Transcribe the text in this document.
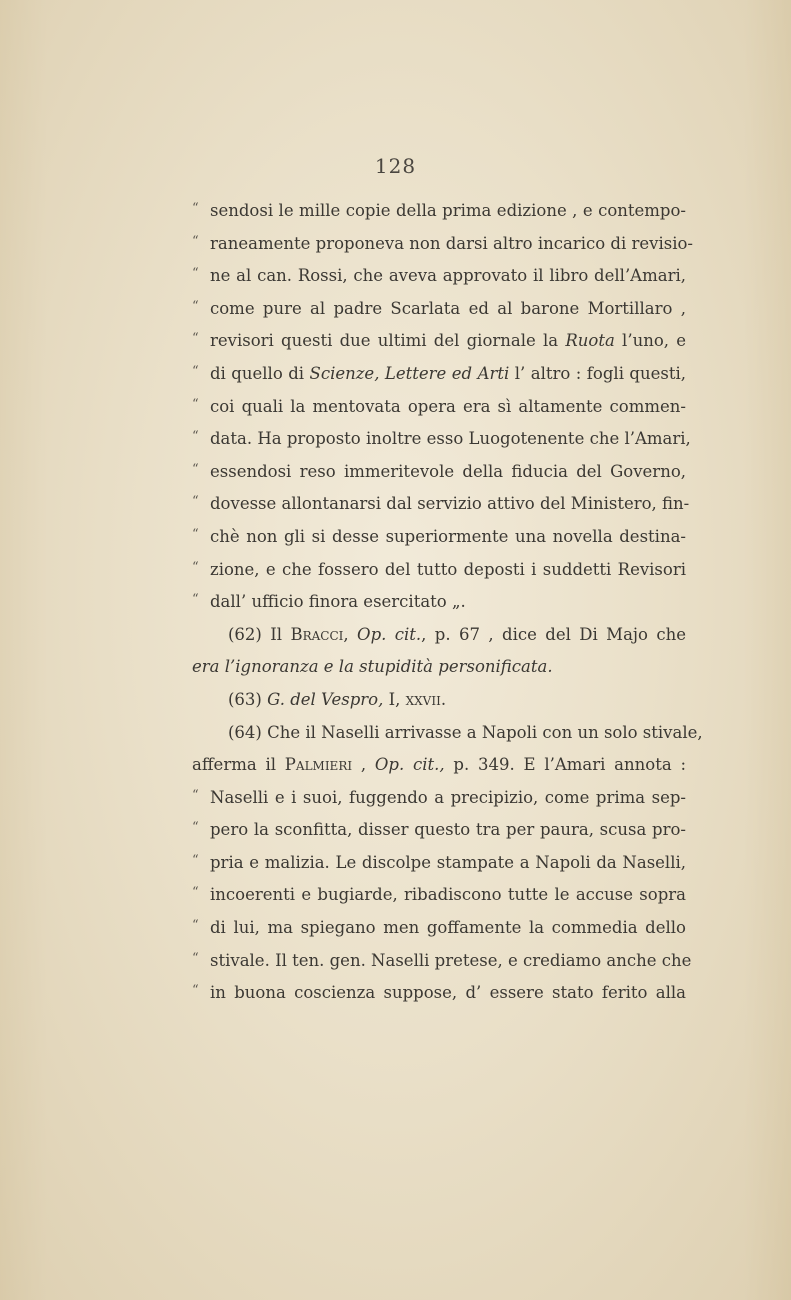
128
“ sendosi le mille copie della prima edizione , e contempo-
“ raneamente proponeva non darsi altro incarico di revisio-
“ ne al can. Rossi, che aveva approvato il libro dell’Amari,
“ come pure al padre Scarlata ed al barone Mortillaro ,
“ revisori questi due ultimi del giornale la Ruota l’uno, e
“ di quello di Scienze, Lettere ed Arti l’ altro : fogli questi,
“ coi quali la mentovata opera era sì altamente commen-
“ data. Ha proposto inoltre esso Luogotenente che l’Amari,
“ essendosi reso immeritevole della fiducia del Governo,
“ dovesse allontanarsi dal servizio attivo del Ministero, fin-
“ chè non gli si desse superiormente una novella destina-
“ zione, e che fossero del tutto deposti i suddetti Revisori
“ dall’ ufficio finora esercitato „.
(62) Il Bracci, Op. cit., p. 67 , dice del Di Majo che
era l’ignoranza e la stupidità personificata.
(63) G. del Vespro, I, xxvii.
(64) Che il Naselli arrivasse a Napoli con un solo stivale,
afferma il Palmieri , Op. cit., p. 349. E l’Amari annota :
“ Naselli e i suoi, fuggendo a precipizio, come prima sep-
“ pero la sconfitta, disser questo tra per paura, scusa pro-
“ pria e malizia. Le discolpe stampate a Napoli da Naselli,
“ incoerenti e bugiarde, ribadiscono tutte le accuse sopra
“ di lui, ma spiegano men goffamente la commedia dello
“ stivale. Il ten. gen. Naselli pretese, e crediamo anche che
“ in buona coscienza suppose, d’ essere stato ferito alla
